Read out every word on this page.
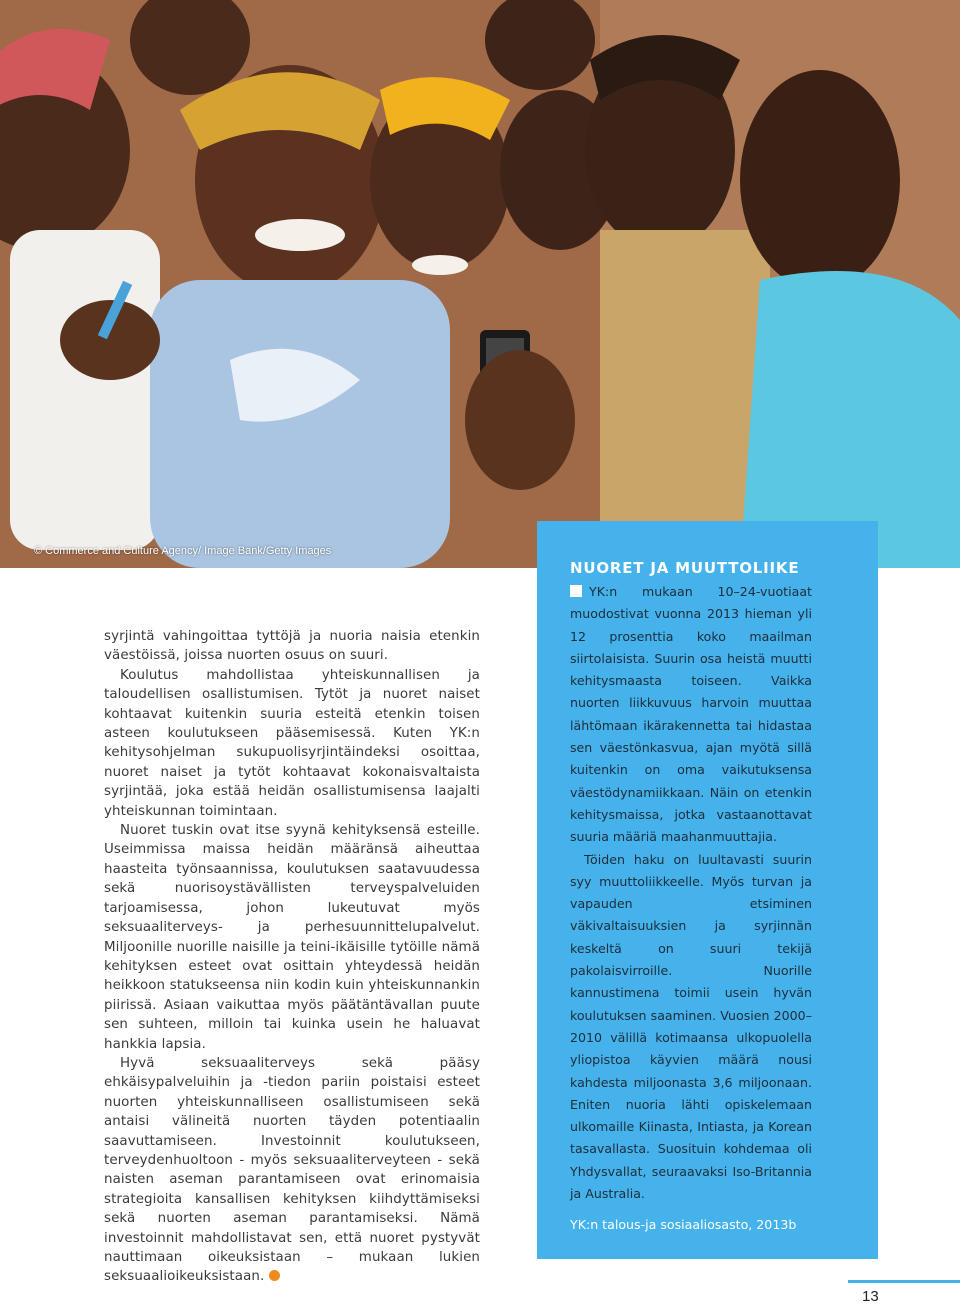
© Commerce and Culture Agency/ Image Bank/Getty Images

syrjintä vahingoittaa tyttöjä ja nuoria naisia etenkin väestöissä, joissa nuorten osuus on suuri.

Koulutus mahdollistaa yhteiskunnallisen ja taloudellisen osallistumisen. Tytöt ja nuoret naiset kohtaavat kuitenkin suuria esteitä etenkin toisen asteen koulutukseen pääsemisessä. Kuten YK:n kehitysohjelman sukupuolisyrjintäindeksi osoittaa, nuoret naiset ja tytöt kohtaavat kokonaisvaltaista syrjintää, joka estää heidän osallistumisensa laajalti yhteiskunnan toimintaan.

Nuoret tuskin ovat itse syynä kehityksensä esteille. Useimmissa maissa heidän määränsä aiheuttaa haasteita työnsaannissa, koulutuksen saatavuudessa sekä nuorisoystävällisten terveyspalveluiden tarjoamisessa, johon lukeutuvat myös seksuaaliterveys- ja perhesuunnittelupalvelut. Miljoonille nuorille naisille ja teini-ikäisille tytöille nämä kehityksen esteet ovat osittain yhteydessä heidän heikkoon statukseensa niin kodin kuin yhteiskunnankin piirissä. Asiaan vaikuttaa myös päätäntävallan puute sen suhteen, milloin tai kuinka usein he haluavat hankkia lapsia.

Hyvä seksuaaliterveys sekä pääsy ehkäisypalveluihin ja -tiedon pariin poistaisi esteet nuorten yhteiskunnalliseen osallistumiseen sekä antaisi välineitä nuorten täyden potentiaalin saavuttamiseen. Investoinnit koulutukseen, terveydenhuoltoon - myös seksuaaliterveyteen - sekä naisten aseman parantamiseen ovat erinomaisia strategioita kansallisen kehityksen kiihdyttämiseksi sekä nuorten aseman parantamiseksi. Nämä investoinnit mahdollistavat sen, että nuoret pystyvät nauttimaan oikeuksistaan – mukaan lukien seksuaalioikeuksistaan.

NUORET JA MUUTTOLIIKE

YK:n mukaan 10–24-vuotiaat muodostivat vuonna 2013 hieman yli 12 prosenttia koko maailman siirtolaisista. Suurin osa heistä muutti kehitysmaasta toiseen. Vaikka nuorten liikkuvuus harvoin muuttaa lähtömaan ikärakennetta tai hidastaa sen väestönkasvua, ajan myötä sillä kuitenkin on oma vaikutuksensa väestödynamiikkaan. Näin on etenkin kehitysmaissa, jotka vastaanottavat suuria määriä maahanmuuttajia.

Töiden haku on luultavasti suurin syy muuttoliikkeelle. Myös turvan ja vapauden etsiminen väkivaltaisuuksien ja syrjinnän keskeltä on suuri tekijä pakolaisvirroille. Nuorille kannustimena toimii usein hyvän koulutuksen saaminen. Vuosien 2000–2010 välillä kotimaansa ulkopuolella yliopistoa käyvien määrä nousi kahdesta miljoonasta 3,6 miljoonaan. Eniten nuoria lähti opiskelemaan ulkomaille Kiinasta, Intiasta, ja Korean tasavallasta. Suosituin kohdemaa oli Yhdysvallat, seuraavaksi Iso-Britannia ja Australia.

YK:n talous-ja sosiaaliosasto, 2013b
13
